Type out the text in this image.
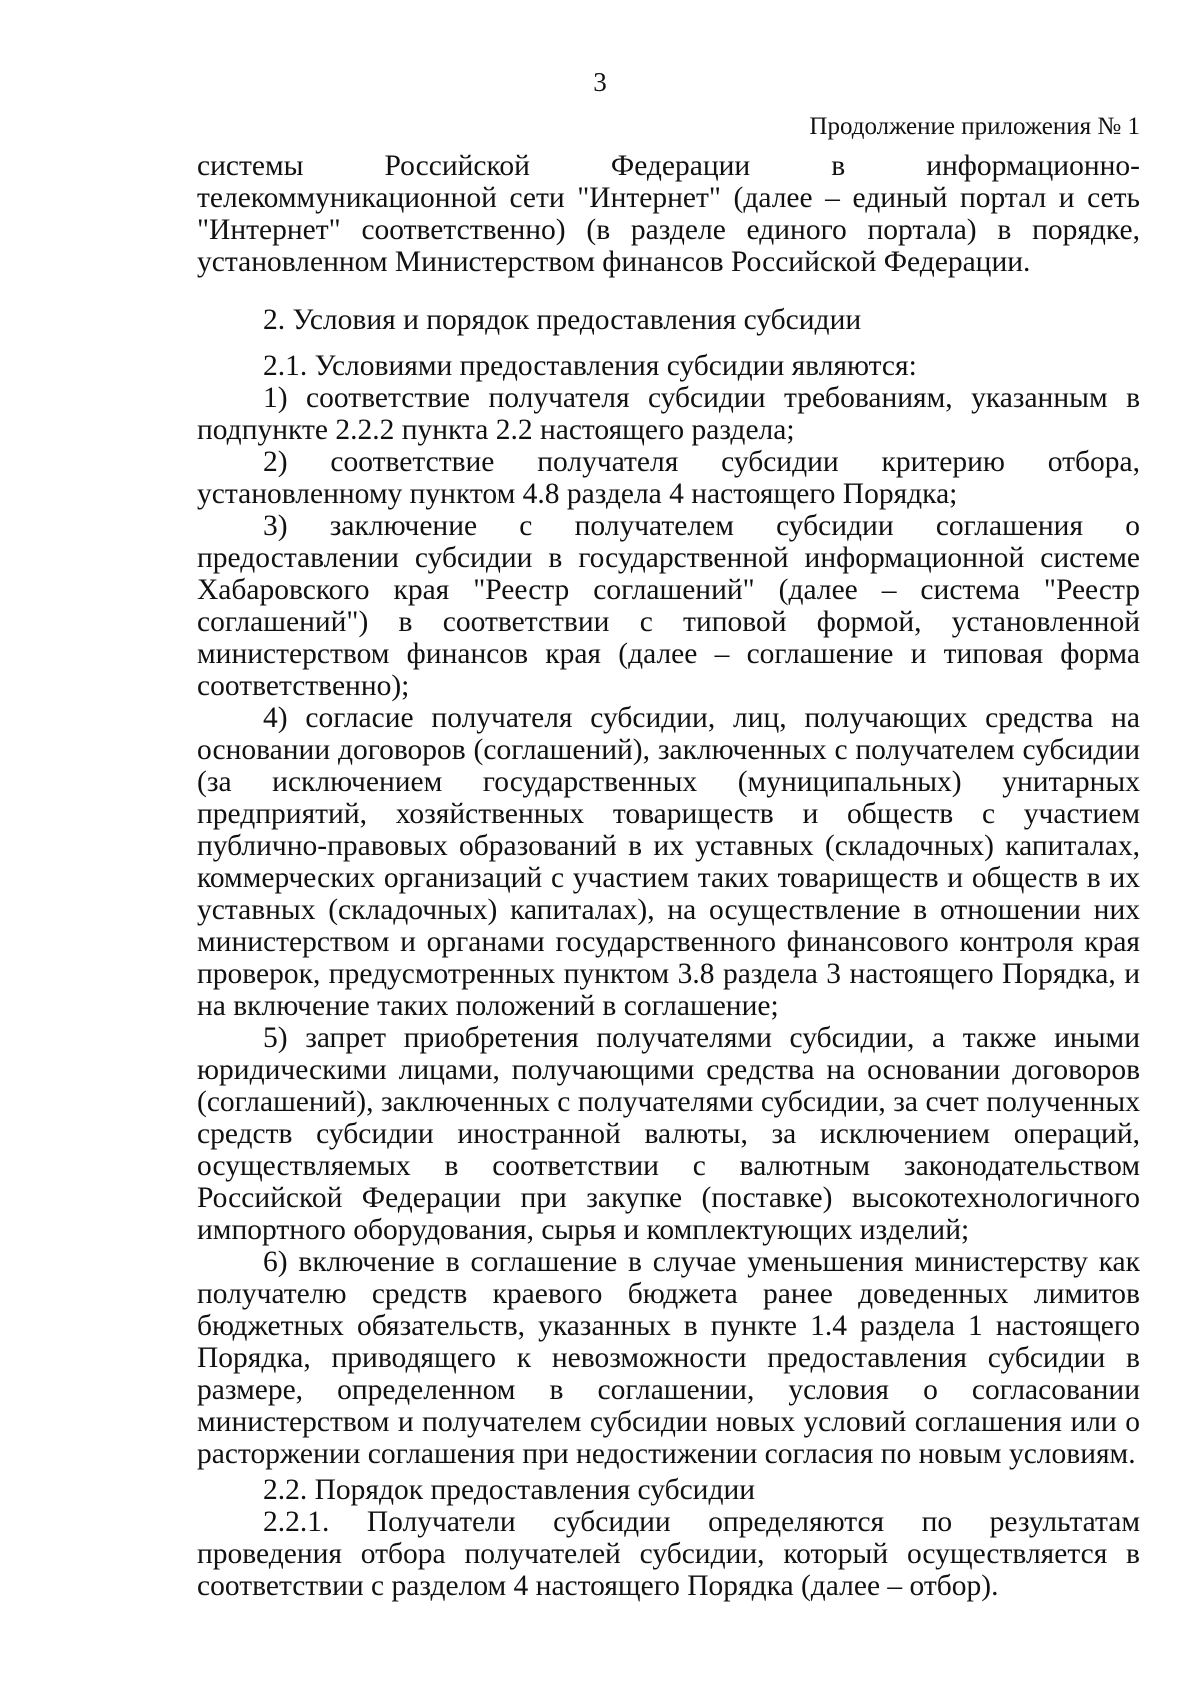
3
Продолжение приложения № 1

системы Российской Федерации в информационно-телекоммуникационной сети "Интернет" (далее – единый портал и сеть "Интернет" соответственно) (в разделе единого портала) в порядке, установленном Министерством финансов Российской Федерации.

2. Условия и порядок предоставления субсидии

2.1. Условиями предоставления субсидии являются:

1) соответствие получателя субсидии требованиям, указанным в подпункте 2.2.2 пункта 2.2 настоящего раздела;

2) соответствие получателя субсидии критерию отбора, установленному пунктом 4.8 раздела 4 настоящего Порядка;

3) заключение с получателем субсидии соглашения о предоставлении субсидии в государственной информационной системе Хабаровского края "Реестр соглашений" (далее – система "Реестр соглашений") в соответствии с типовой формой, установленной министерством финансов края (далее – соглашение и типовая форма соответственно);

4) согласие получателя субсидии, лиц, получающих средства на основании договоров (соглашений), заключенных с получателем субсидии (за исключением государственных (муниципальных) унитарных предприятий, хозяйственных товариществ и обществ с участием публично-правовых образований в их уставных (складочных) капиталах, коммерческих организаций с участием таких товариществ и обществ в их уставных (складочных) капиталах), на осуществление в отношении них министерством и органами государственного финансового контроля края проверок, предусмотренных пунктом 3.8 раздела 3 настоящего Порядка, и на включение таких положений в соглашение;

5) запрет приобретения получателями субсидии, а также иными юридическими лицами, получающими средства на основании договоров (соглашений), заключенных с получателями субсидии, за счет полученных средств субсидии иностранной валюты, за исключением операций, осуществляемых в соответствии с валютным законодательством Российской Федерации при закупке (поставке) высокотехнологичного импортного оборудования, сырья и комплектующих изделий;

6) включение в соглашение в случае уменьшения министерству как получателю средств краевого бюджета ранее доведенных лимитов бюджетных обязательств, указанных в пункте 1.4 раздела 1 настоящего Порядка, приводящего к невозможности предоставления субсидии в размере, определенном в соглашении, условия о согласовании министерством и получателем субсидии новых условий соглашения или о расторжении соглашения при недостижении согласия по новым условиям.

2.2. Порядок предоставления субсидии

2.2.1. Получатели субсидии определяются по результатам проведения отбора получателей субсидии, который осуществляется в соответствии с разделом 4 настоящего Порядка (далее – отбор).
